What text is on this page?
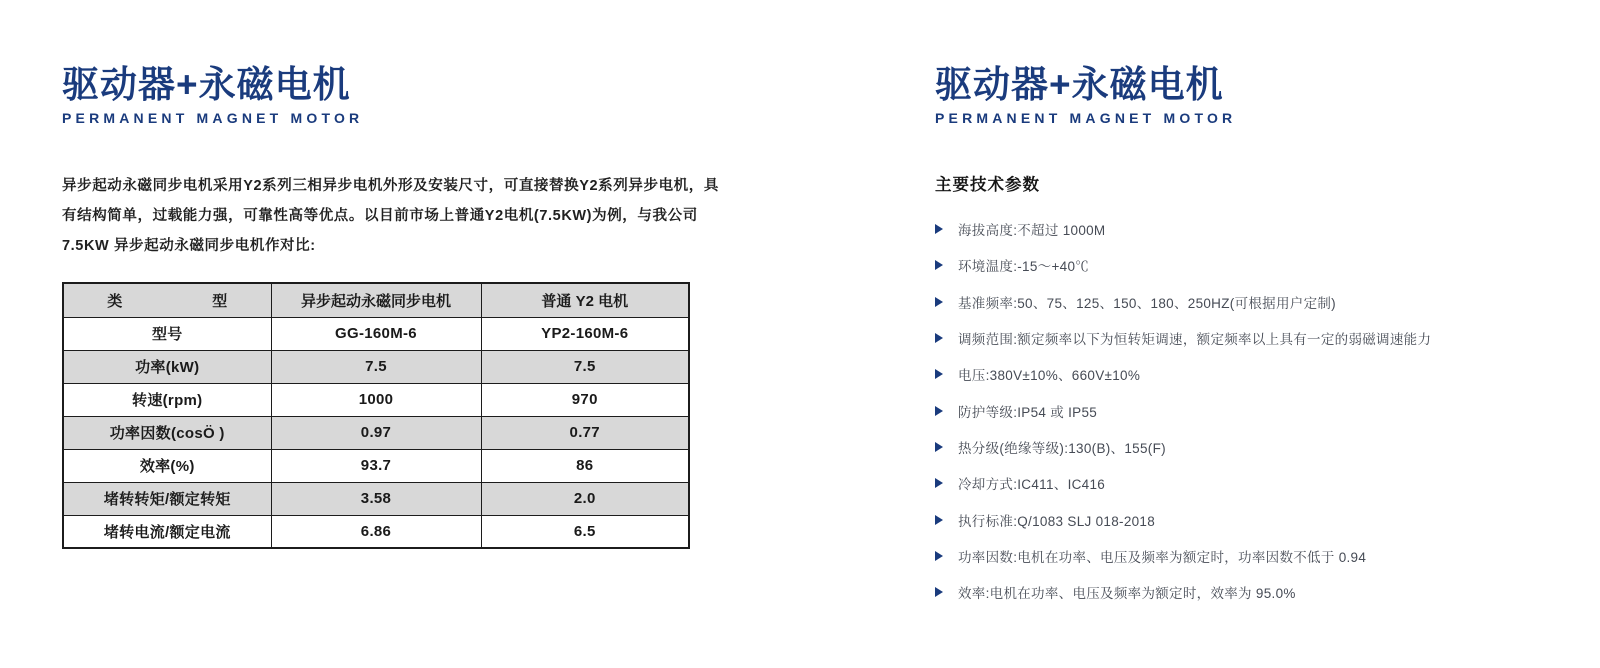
驱动器+永磁电机
PERMANENT MAGNET MOTOR

异步起动永磁同步电机采用Y2系列三相异步电机外形及安装尺寸，可直接替换Y2系列异步电机，具

有结构简单，过载能力强，可靠性高等优点。以目前市场上普通Y2电机(7.5KW)为例，与我公司

7.5KW 异步起动永磁同步电机作对比:

类　　　　　　型	异步起动永磁同步电机	普通 Y2 电机
型号	GG-160M-6	YP2-160M-6
功率(kW)	7.5	7.5
转速(rpm)	1000	970
功率因数(cosÖ )	0.97	0.77
效率(%)	93.7	86
堵转转矩/额定转矩	3.58	2.0
堵转电流/额定电流	6.86	6.5
驱动器+永磁电机
PERMANENT MAGNET MOTOR
主要技术参数
海拔高度:不超过 1000M
环境温度:-15～+40℃
基准频率:50、75、125、150、180、250HZ(可根据用户定制)
调频范围:额定频率以下为恒转矩调速，额定频率以上具有一定的弱磁调速能力
电压:380V±10%、660V±10%
防护等级:IP54 或 IP55
热分级(绝缘等级):130(B)、155(F)
冷却方式:IC411、IC416
执行标准:Q/1083 SLJ 018-2018
功率因数:电机在功率、电压及频率为额定时，功率因数不低于 0.94
效率:电机在功率、电压及频率为额定时，效率为 95.0%
